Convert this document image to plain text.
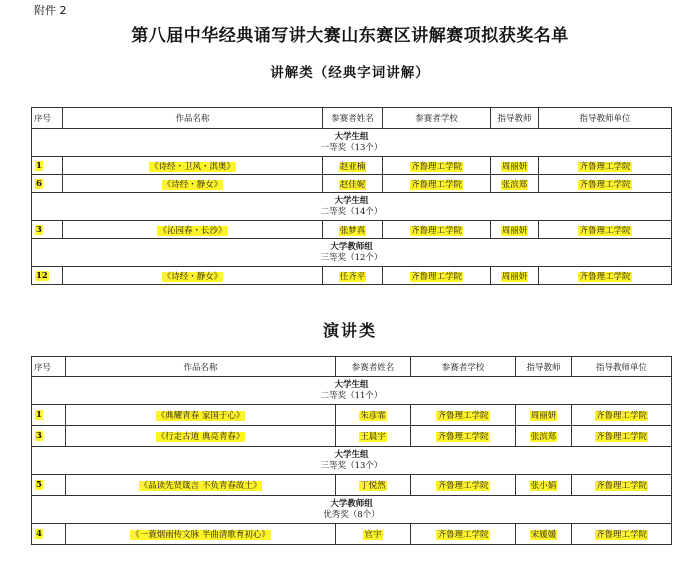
附件 2
第八届中华经典诵写讲大赛山东赛区讲解赛项拟获奖名单
讲解类（经典字词讲解）
序号	作品名称	参赛者姓名	参赛者学校	指导教师	指导教师单位

大学生组
一等奖（13个）					

1	《诗经・卫风・淇奥》	赵亚楠	齐鲁理工学院	周丽妍	齐鲁理工学院
6	《诗经・静女》	赵佳妮	齐鲁理工学院	张滨郑	齐鲁理工学院

大学生组
二等奖（14个）					

3	《沁园春・长沙》	张梦真	齐鲁理工学院	周丽妍	齐鲁理工学院

大学教师组
三等奖（12个）					

12	《诗经・静女》	任齐平	齐鲁理工学院	周丽妍	齐鲁理工学院
演讲类
序号	作品名称	参赛者姓名	参赛者学校	指导教师	指导教师单位

大学生组
二等奖（11个）					

1	《典耀青春 家国于心》	朱彦霏	齐鲁理工学院	周丽妍	齐鲁理工学院
3	《行走古道 典亮青春》	王晨宇	齐鲁理工学院	张滨郑	齐鲁理工学院

大学生组
三等奖（13个）					

5	《品读先贤箴言 不负青春故土》	丁悦然	齐鲁理工学院	张小娟	齐鲁理工学院

大学教师组
优秀奖（8个）					

4	《一蓑烟雨传文脉 半曲清歌育初心》	官宇	齐鲁理工学院	宋媛媛	齐鲁理工学院
